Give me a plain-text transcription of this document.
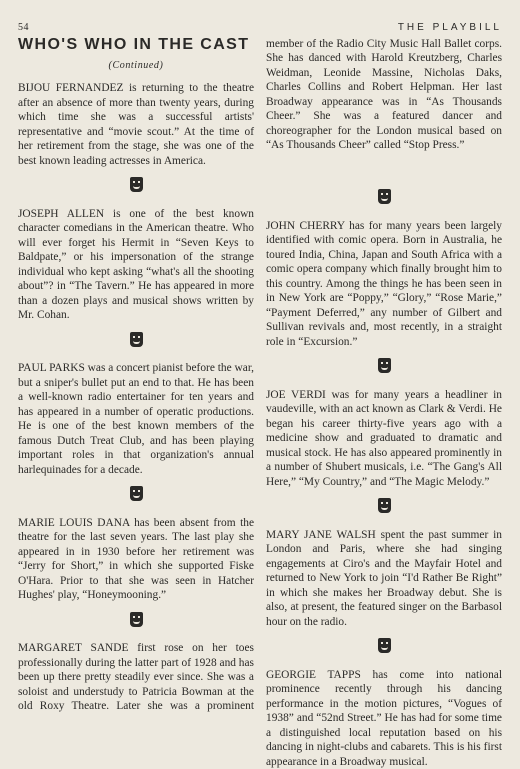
54	THE PLAYBILL
WHO'S WHO IN THE CAST
(Continued)

BIJOU FERNANDEZ is returning to the theatre after an absence of more than twenty years, during which time she was a successful artists' representative and “movie scout.” At the time of her retirement from the stage, she was one of the best known leading actresses in America.

JOSEPH ALLEN is one of the best known character comedians in the American theatre. Who will ever forget his Hermit in “Seven Keys to Baldpate,” or his impersonation of the strange individual who kept asking “what's all the shooting about”? in “The Tavern.” He has appeared in more than a dozen plays and musical shows written by Mr. Cohan.

PAUL PARKS was a concert pianist before the war, but a sniper's bullet put an end to that. He has been a well-known radio entertainer for ten years and has appeared in a number of operatic productions. He is one of the best known members of the famous Dutch Treat Club, and has been playing important roles in that organization's annual harlequinades for a decade.

MARIE LOUIS DANA has been absent from the theatre for the last seven years. The last play she appeared in in 1930 before her retirement was “Jerry for Short,” in which she supported Fiske O'Hara. Prior to that she was seen in Hatcher Hughes' play, “Honeymooning.”

MARGARET SANDE first rose on her toes professionally during the latter part of 1928 and has been up there pretty steadily ever since. She was a soloist and understudy to Patricia Bowman at the old Roxy Theatre. Later she was a prominent

member of the Radio City Music Hall Ballet corps. She has danced with Harold Kreutzberg, Charles Weidman, Leonide Massine, Nicholas Daks, Charles Collins and Robert Helpman. Her last Broadway appearance was in “As Thousands Cheer.” She was a featured dancer and choreographer for the London musical based on “As Thousands Cheer” called “Stop Press.”

JOHN CHERRY has for many years been largely identified with comic opera. Born in Australia, he toured India, China, Japan and South Africa with a comic opera company which finally brought him to this country. Among the things he has been seen in in New York are “Poppy,” “Glory,” “Rose Marie,” “Payment Deferred,” any number of Gilbert and Sullivan revivals and, most recently, in a straight role in “Excursion.”

JOE VERDI was for many years a headliner in vaudeville, with an act known as Clark & Verdi. He began his career thirty-five years ago with a medicine show and graduated to dramatic and musical stock. He has also appeared prominently in a number of Shubert musicals, i.e. “The Gang's All Here,” “My Country,” and “The Magic Melody.”

MARY JANE WALSH spent the past summer in London and Paris, where she had singing engagements at Ciro's and the Mayfair Hotel and returned to New York to join “I'd Rather Be Right” in which she makes her Broadway debut. She is also, at present, the featured singer on the Barbasol hour on the radio.

GEORGIE TAPPS has come into national prominence recently through his dancing performance in the motion pictures, “Vogues of 1938” and “52nd Street.” He has had for some time a distinguished local reputation based on his dancing in night-clubs and cabarets. This is his first appearance in a Broadway musical.
